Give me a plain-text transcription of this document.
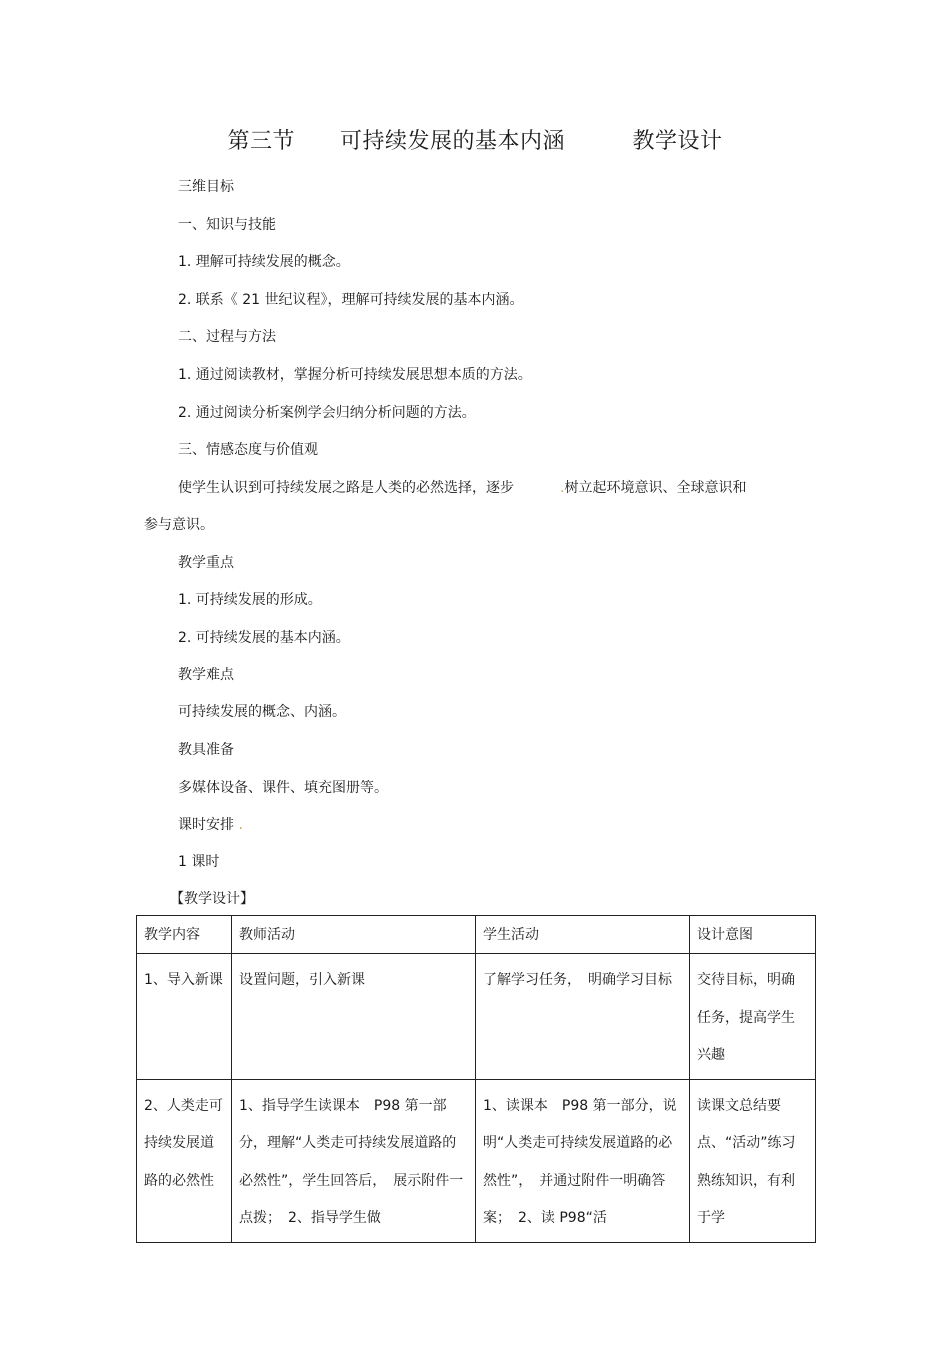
第三节　　可持续发展的基本内涵　　　教学设计
三维目标
一、知识与技能
1. 理解可持续发展的概念。
2. 联系《 21 世纪议程》，理解可持续发展的基本内涵。
二、过程与方法
1. 通过阅读教材，掌握分析可持续发展思想本质的方法。
2. 通过阅读分析案例学会归纳分析问题的方法。
三、情感态度与价值观
使学生认识到可持续发展之路是人类的必然选择，逐步	.树立起环境意识、全球意识和
参与意识。
教学重点
1. 可持续发展的形成。
2. 可持续发展的基本内涵。
教学难点
可持续发展的概念、内涵。
教具准备
多媒体设备、课件、填充图册等。
课时安排 .
1 课时
【教学设计】
教学内容	教师活动	学生活动	设计意图
1、导入新课	设置问题，引入新课	了解学习任务，　明确学习目标	交待目标，明确任务，提高学生兴趣
2、人类走可持续发展道路的必然性	1、指导学生读课本　P98 第一部分，理解“人类走可持续发展道路的必然性”，学生回答后，　展示附件一点拨；　2、指导学生做	1、读课本　P98 第一部分，说明“人类走可持续发展道路的必然性”，　并通过附件一明确答案；　2、读 P98“活	读课文总结要点、“活动”练习熟练知识，有利于学
